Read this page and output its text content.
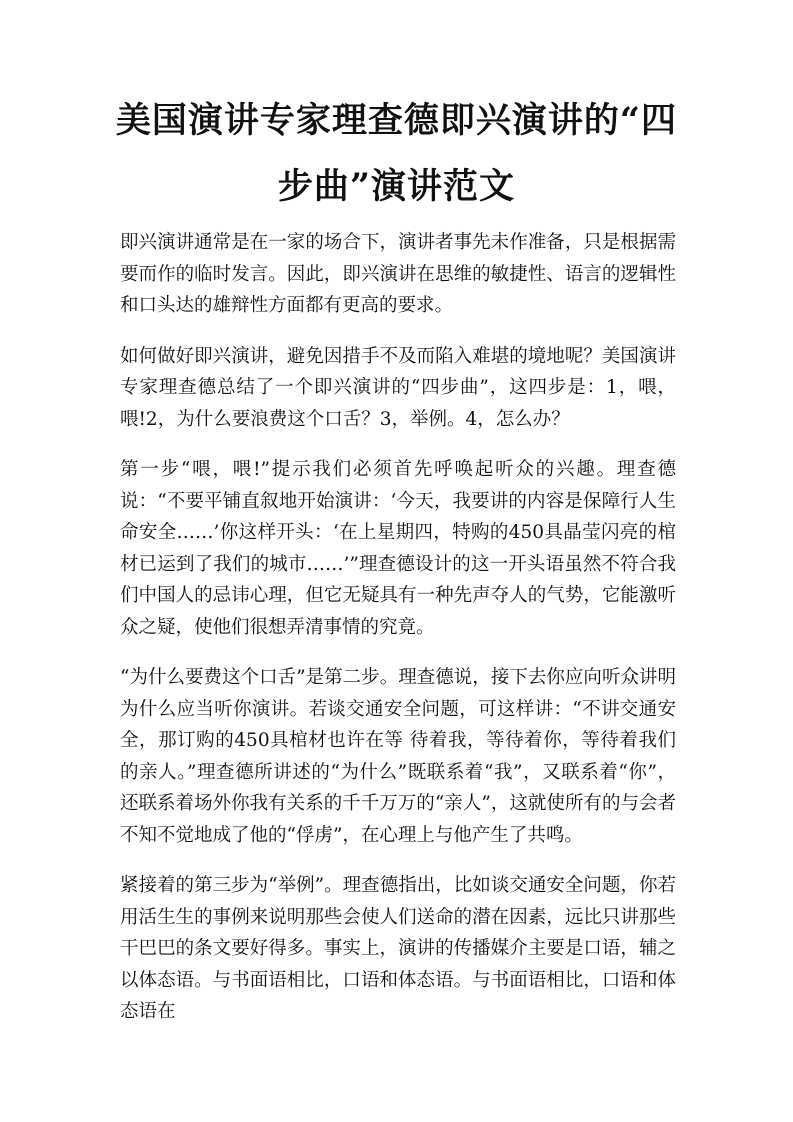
美国演讲专家理查德即兴演讲的“四步曲”演讲范文

即兴演讲通常是在一家的场合下，演讲者事先未作准备，只是根据需要而作的临时发言。因此，即兴演讲在思维的敏捷性、语言的逻辑性和口头达的雄辩性方面都有更高的要求。

如何做好即兴演讲，避免因措手不及而陷入难堪的境地呢？美国演讲专家理查德总结了一个即兴演讲的“四步曲”，这四步是：1，喂，喂!2，为什么要浪费这个口舌？3，举例。4，怎么办？

第一步“喂，喂!”提示我们必须首先呼唤起听众的兴趣。理查德说：“不要平铺直叙地开始演讲：‘今天，我要讲的内容是保障行人生命安全……’你这样开头：‘在上星期四，特购的450具晶莹闪亮的棺材已运到了我们的城市……’”理查德设计的这一开头语虽然不符合我们中国人的忌讳心理，但它无疑具有一种先声夺人的气势，它能激听众之疑，使他们很想弄清事情的究竟。

“为什么要费这个口舌”是第二步。理查德说，接下去你应向听众讲明为什么应当听你演讲。若谈交通安全问题，可这样讲：“不讲交通安全，那订购的450具棺材也许在等 待着我，等待着你，等待着我们的亲人。”理查德所讲述的“为什么”既联系着“我”，又联系着“你”，还联系着场外你我有关系的千千万万的“亲人”，这就使所有的与会者不知不觉地成了他的“俘虏”，在心理上与他产生了共鸣。

紧接着的第三步为“举例”。理查德指出，比如谈交通安全问题，你若用活生生的事例来说明那些会使人们送命的潜在因素，远比只讲那些干巴巴的条文要好得多。事实上，演讲的传播媒介主要是口语，辅之以体态语。与书面语相比，口语和体态语。与书面语相比，口语和体态语在
